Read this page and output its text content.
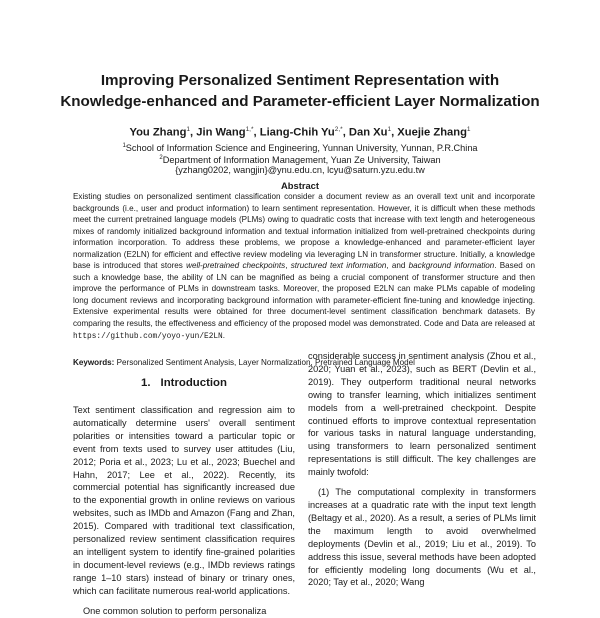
Improving Personalized Sentiment Representation with
Knowledge-enhanced and Parameter-efficient Layer Normalization
You Zhang$^1$, Jin Wang$^{1,*}$, Liang-Chih $Yu^{2,*}$, Dan Xu$^1$, Xuejie Zhang$^1$
$^1$School of Information Science and Engineering, Yunnan University, Yunnan, P.R.China
$^2$Department of Information Management, Yuan Ze University, Taiwan
{yzhang0202, wangjin}@ynu.edu.cn, lcyu@saturn.yzu.edu.tw
Abstract
Existing studies on personalized sentiment classification consider a document review as an overall text unit and incorporate backgrounds (i.e., user and product information) to learn sentiment representation. However, it is difficult when these methods meet the current pretrained language models (PLMs) owing to quadratic costs that increase with text length and heterogeneous mixes of randomly initialized background information and textual information initialized from well-pretrained checkpoints during information incorporation. To address these problems, we propose a knowledge-enhanced and parameter-efficient layer normalization (E2LN) for efficient and effective review modeling via leveraging LN in transformer structure. Initially, a knowledge base is introduced that stores well-pretrained checkpoints, structured text information, and background information. Based on such a knowledge base, the ability of LN can be magnified as being a crucial component of transformer structure and then improve the performance of PLMs in downstream tasks. Moreover, the proposed E2LN can make PLMs capable of modeling long document reviews and incorporating background information with parameter-efficient fine-tuning and knowledge injecting. Extensive experimental results were obtained for three document-level sentiment classification benchmark datasets. By comparing the results, the effectiveness and efficiency of the proposed model was demonstrated. Code and Data are released at https://github.com/yoyo-yun/E2LN.
Keywords: Personalized Sentiment Analysis, Layer Normalization, Pretrained Language Model
1. Introduction

Text sentiment classification and regression aim to automatically determine users' overall sentiment polarities or intensities toward a particular topic or event from texts used to survey user attitudes (Liu, 2012; Poria et al., 2023; Lu et al., 2023; Buechel and Hahn, 2017; Lee et al., 2022). Recently, its commercial potential has significantly increased due to the exponential growth in online reviews on various websites, such as IMDb and Amazon (Fang and Zhan, 2015). Compared with traditional text classification, personalized review sentiment classification requires an intelligent system to identify fine-grained polarities in document-level reviews (e.g., IMDb reviews ratings range 1–10 stars) instead of binary or trinary ones, which can facilitate numerous real-world applications.

One common solution to perform personaliza

considerable success in sentiment analysis (Zhou et al., 2020; Yuan et al., 2023), such as BERT (Devlin et al., 2019). They outperform traditional neural networks owing to transfer learning, which initializes sentiment models from a well-pretrained checkpoint. Despite continued efforts to improve contextual representation for various tasks in natural language understanding, using transformers to learn personalized sentiment representations is still difficult. The key challenges are mainly twofold:

(1) The computational complexity in transformers increases at a quadratic rate with the input text length (Beltagy et al., 2020). As a result, a series of PLMs limit the maximum length to avoid overwhelmed deployments (Devlin et al., 2019; Liu et al., 2019). To address this issue, several methods have been adopted for efficiently modeling long documents (Wu et al., 2020; Tay et al., 2020; Wang
